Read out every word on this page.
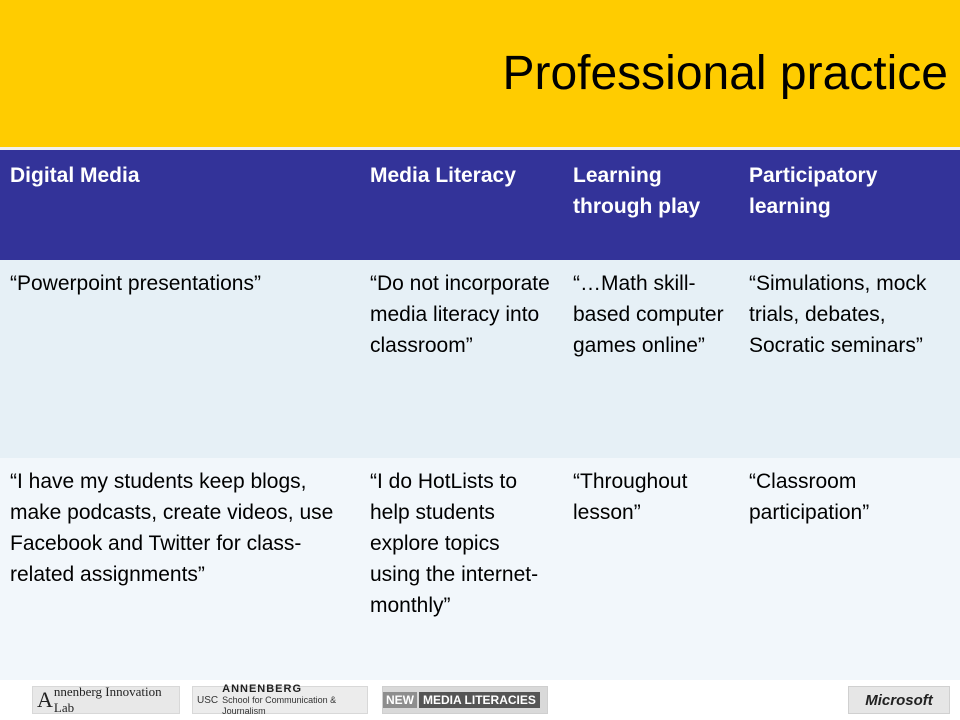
Professional practice
Digital Media	Media Literacy	Learning through play	Participatory learning
“Powerpoint presentations”	“Do not incorporate media literacy into classroom”	“…Math skill-based computer games online”	“Simulations, mock trials, debates, Socratic seminars”
“I have my students keep blogs, make podcasts, create videos, use Facebook and Twitter for class-related assignments”	“I do HotLists to help students explore topics using the internet- monthly”	“Throughout lesson”	“Classroom participation”
A nnenberg Innovation Lab	USC
ANNENBERG
School for Communication & Journalism
NEW MEDIA LITERACIES	Microsoft
